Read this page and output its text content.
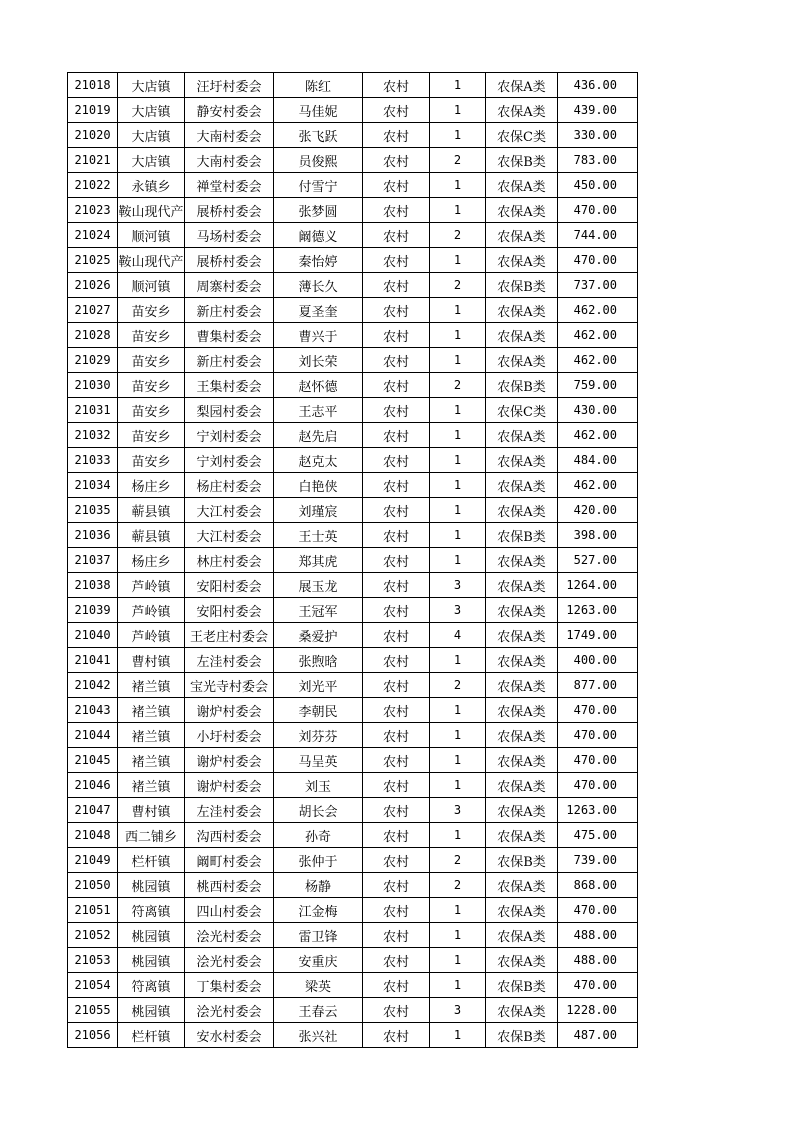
21018	大店镇	汪圩村委会	陈红	农村	1	农保A类	436.00
21019	大店镇	静安村委会	马佳妮	农村	1	农保A类	439.00
21020	大店镇	大南村委会	张飞跃	农村	1	农保C类	330.00
21021	大店镇	大南村委会	员俊熙	农村	2	农保B类	783.00
21022	永镇乡	禅堂村委会	付雪宁	农村	1	农保A类	450.00
21023	鞍山现代产	展桥村委会	张梦圆	农村	1	农保A类	470.00
21024	顺河镇	马场村委会	阚德义	农村	2	农保A类	744.00
21025	鞍山现代产	展桥村委会	秦怡婷	农村	1	农保A类	470.00
21026	顺河镇	周寨村委会	薄长久	农村	2	农保B类	737.00
21027	苗安乡	新庄村委会	夏圣奎	农村	1	农保A类	462.00
21028	苗安乡	曹集村委会	曹兴于	农村	1	农保A类	462.00
21029	苗安乡	新庄村委会	刘长荣	农村	1	农保A类	462.00
21030	苗安乡	王集村委会	赵怀德	农村	2	农保B类	759.00
21031	苗安乡	梨园村委会	王志平	农村	1	农保C类	430.00
21032	苗安乡	宁刘村委会	赵先启	农村	1	农保A类	462.00
21033	苗安乡	宁刘村委会	赵克太	农村	1	农保A类	484.00
21034	杨庄乡	杨庄村委会	白艳侠	农村	1	农保A类	462.00
21035	蕲县镇	大江村委会	刘瑾宸	农村	1	农保A类	420.00
21036	蕲县镇	大江村委会	王士英	农村	1	农保B类	398.00
21037	杨庄乡	林庄村委会	郑其虎	农村	1	农保A类	527.00
21038	芦岭镇	安阳村委会	展玉龙	农村	3	农保A类	1264.00
21039	芦岭镇	安阳村委会	王冠军	农村	3	农保A类	1263.00
21040	芦岭镇	王老庄村委会	桑爱护	农村	4	农保A类	1749.00
21041	曹村镇	左洼村委会	张煦晗	农村	1	农保A类	400.00
21042	褚兰镇	宝光寺村委会	刘光平	农村	2	农保A类	877.00
21043	褚兰镇	谢炉村委会	李朝民	农村	1	农保A类	470.00
21044	褚兰镇	小圩村委会	刘芬芬	农村	1	农保A类	470.00
21045	褚兰镇	谢炉村委会	马呈英	农村	1	农保A类	470.00
21046	褚兰镇	谢炉村委会	刘玉	农村	1	农保A类	470.00
21047	曹村镇	左洼村委会	胡长会	农村	3	农保A类	1263.00
21048	西二铺乡	沟西村委会	孙奇	农村	1	农保A类	475.00
21049	栏杆镇	阚町村委会	张仲于	农村	2	农保B类	739.00
21050	桃园镇	桃西村委会	杨静	农村	2	农保A类	868.00
21051	符离镇	四山村委会	江金梅	农村	1	农保A类	470.00
21052	桃园镇	浍光村委会	雷卫锋	农村	1	农保A类	488.00
21053	桃园镇	浍光村委会	安重庆	农村	1	农保A类	488.00
21054	符离镇	丁集村委会	梁英	农村	1	农保B类	470.00
21055	桃园镇	浍光村委会	王春云	农村	3	农保A类	1228.00
21056	栏杆镇	安水村委会	张兴社	农村	1	农保B类	487.00
